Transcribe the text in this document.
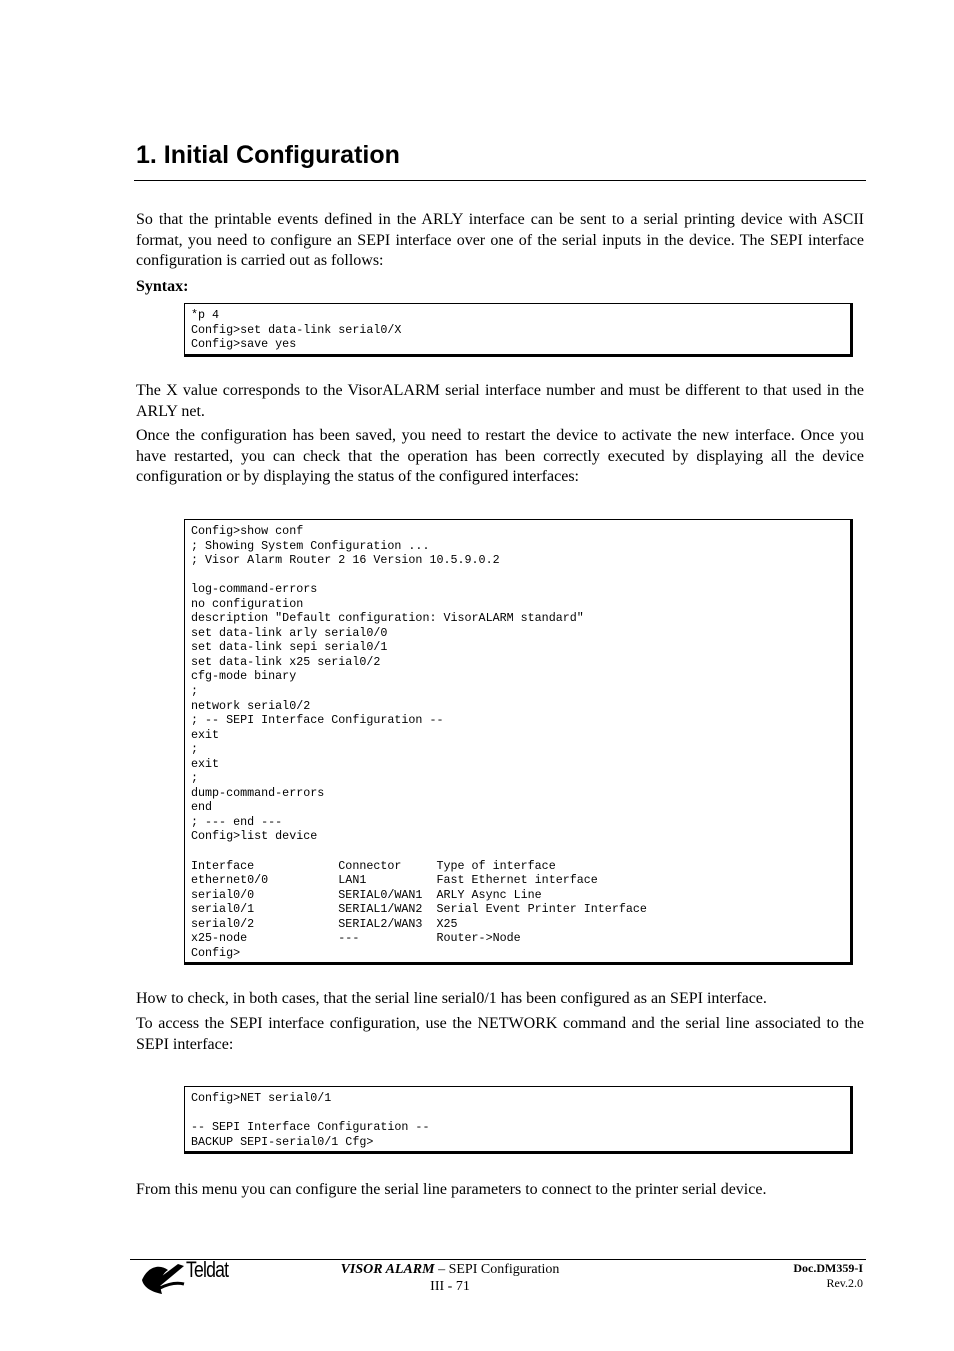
1. Initial Configuration

So that the printable events defined in the ARLY interface can be sent to a serial printing device with ASCII format, you need to configure an SEPI interface over one of the serial inputs in the device. The SEPI interface configuration is carried out as follows:

Syntax:

*p 4
Config>set data-link serial0/X
Config>save yes

The X value corresponds to the VisorALARM serial interface number and must be different to that used in the ARLY net.

Once the configuration has been saved, you need to restart the device to activate the new interface. Once you have restarted, you can check that the operation has been correctly executed by displaying all the device configuration or by displaying the status of the configured interfaces:

Config>show conf
; Showing System Configuration ...
; Visor Alarm Router 2 16 Version 10.5.9.0.2
log-command-errors
no configuration
description "Default configuration: VisorALARM standard"
set data-link arly serial0/0
set data-link sepi serial0/1
set data-link x25 serial0/2
cfg-mode binary
;
network serial0/2
; -- SEPI Interface Configuration --
exit
;
exit
;
dump-command-errors
end
; --- end ---
Config>list device
Interface            Connector     Type of interface
ethernet0/0          LAN1          Fast Ethernet interface
serial0/0            SERIAL0/WAN1  ARLY Async Line
serial0/1            SERIAL1/WAN2  Serial Event Printer Interface
serial0/2            SERIAL2/WAN3  X25
x25-node             ---           Router->Node
Config>

How to check, in both cases, that the serial line serial0/1 has been configured as an SEPI interface.

To access the SEPI interface configuration, use the NETWORK command and the serial line associated to the SEPI interface:

Config>NET serial0/1
-- SEPI Interface Configuration --
BACKUP SEPI-serial0/1 Cfg>

From this menu you can configure the serial line parameters to connect to the printer serial device.

Teldat	VISOR ALARM – SEPI Configuration
III - 71
Doc.DM359-I
Rev.2.0
